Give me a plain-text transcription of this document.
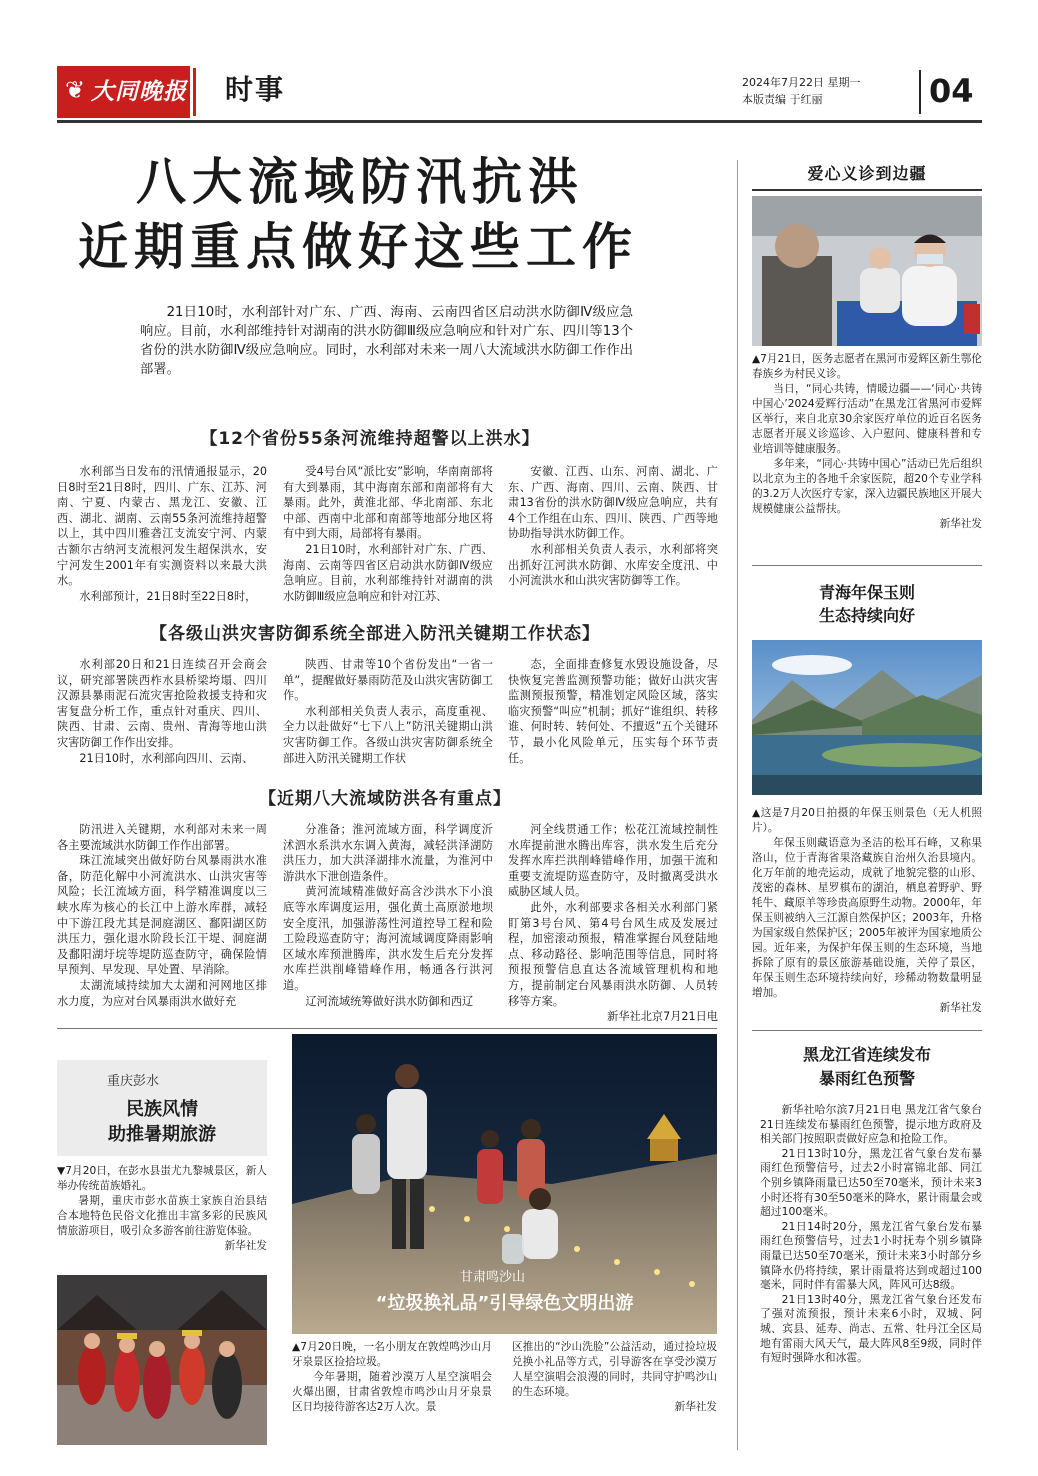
❦ 大同晚报 时事	2024年7月22日 星期一
本版责编 于红丽	04
八大流域防汛抗洪
近期重点做好这些工作
21日10时，水利部针对广东、广西、海南、云南四省区启动洪水防御Ⅳ级应急响应。目前，水利部维持针对湖南的洪水防御Ⅲ级应急响应和针对广东、四川等13个省份的洪水防御Ⅳ级应急响应。同时，水利部对未来一周八大流域洪水防御工作作出部署。
【12个省份55条河流维持超警以上洪水】

水利部当日发布的汛情通报显示，20日8时至21日8时，四川、广东、江苏、河南、宁夏、内蒙古、黑龙江、安徽、江西、湖北、湖南、云南55条河流维持超警以上，其中四川雅砻江支流安宁河、内蒙古额尔古纳河支流根河发生超保洪水，安宁河发生2001年有实测资料以来最大洪水。

水利部预计，21日8时至22日8时，

受4号台风“派比安”影响，华南南部将有大到暴雨，其中海南东部和南部将有大暴雨。此外，黄淮北部、华北南部、东北中部、西南中北部和南部等地部分地区将有中到大雨，局部将有暴雨。

21日10时，水利部针对广东、广西、海南、云南等四省区启动洪水防御Ⅳ级应急响应。目前，水利部维持针对湖南的洪水防御Ⅲ级应急响应和针对江苏、

安徽、江西、山东、河南、湖北、广东、广西、海南、四川、云南、陕西、甘肃13省份的洪水防御Ⅳ级应急响应，共有4个工作组在山东、四川、陕西、广西等地协助指导洪水防御工作。

水利部相关负责人表示，水利部将突出抓好江河洪水防御、水库安全度汛、中小河流洪水和山洪灾害防御等工作。

【各级山洪灾害防御系统全部进入防汛关键期工作状态】

水利部20日和21日连续召开会商会议，研究部署陕西柞水县桥梁垮塌、四川汉源县暴雨泥石流灾害抢险救援支持和灾害复盘分析工作，重点针对重庆、四川、陕西、甘肃、云南、贵州、青海等地山洪灾害防御工作作出安排。

21日10时，水利部向四川、云南、

陕西、甘肃等10个省份发出“一省一单”，提醒做好暴雨防范及山洪灾害防御工作。

水利部相关负责人表示，高度重视、全力以赴做好“七下八上”防汛关键期山洪灾害防御工作。各级山洪灾害防御系统全部进入防汛关键期工作状

态，全面排查修复水毁设施设备，尽快恢复完善监测预警功能；做好山洪灾害监测预报预警，精准划定风险区域，落实临灾预警“叫应”机制；抓好“谁组织、转移谁、何时转、转何处、不擅返”五个关键环节，最小化风险单元，压实每个环节责任。

【近期八大流域防洪各有重点】

防汛进入关键期，水利部对未来一周各主要流域洪水防御工作作出部署。

珠江流域突出做好防台风暴雨洪水准备，防范化解中小河流洪水、山洪灾害等风险；长江流域方面，科学精准调度以三峡水库为核心的长江中上游水库群，减轻中下游江段尤其是洞庭湖区、鄱阳湖区防洪压力，强化退水阶段长江干堤、洞庭湖及鄱阳湖圩垸等堤防巡查防守，确保险情早预判、早发现、早处置、早消除。

太湖流域持续加大太湖和河网地区排水力度，为应对台风暴雨洪水做好充

分准备；淮河流域方面，科学调度沂沭泗水系洪水东调入黄海，减轻洪泽湖防洪压力，加大洪泽湖排水流量，为淮河中游洪水下泄创造条件。

黄河流域精准做好高含沙洪水下小浪底等水库调度运用，强化黄土高原淤地坝安全度汛，加强游荡性河道控导工程和险工险段巡查防守；海河流域调度降雨影响区域水库预泄腾库，洪水发生后充分发挥水库拦洪削峰错峰作用，畅通各行洪河道。

辽河流域统筹做好洪水防御和西辽

河全线贯通工作；松花江流域控制性水库提前泄水腾出库容，洪水发生后充分发挥水库拦洪削峰错峰作用，加强干流和重要支流堤防巡查防守，及时撤离受洪水威胁区域人员。

此外，水利部要求各相关水利部门紧盯第3号台风、第4号台风生成及发展过程，加密滚动预报，精准掌握台风登陆地点、移动路径、影响范围等信息，同时将预报预警信息直达各流域管理机构和地方，提前制定台风暴雨洪水防御、人员转移等方案。

新华社北京7月21日电

重庆彭水
民族风情
助推暑期旅游

▼7月20日，在彭水县蚩尤九黎城景区，新人举办传统苗族婚礼。

暑期，重庆市彭水苗族土家族自治县结合本地特色民俗文化推出丰富多彩的民族风情旅游项目，吸引众多游客前往游览体验。

新华社发

甘肃鸣沙山
“垃圾换礼品”引导绿色文明出游

▲7月20日晚，一名小朋友在敦煌鸣沙山月牙泉景区捡拾垃圾。

今年暑期，随着沙漠万人星空演唱会火爆出圈，甘肃省敦煌市鸣沙山月牙泉景区日均接待游客达2万人次。景

区推出的“沙山洗脸”公益活动，通过捡垃圾兑换小礼品等方式，引导游客在享受沙漠万人星空演唱会浪漫的同时，共同守护鸣沙山的生态环境。

新华社发

爱心义诊到边疆

▲7月21日，医务志愿者在黑河市爱辉区新生鄂伦春族乡为村民义诊。

当日，“同心共铸，情暖边疆——‘同心·共铸中国心’2024爱辉行活动”在黑龙江省黑河市爱辉区举行，来自北京30余家医疗单位的近百名医务志愿者开展义诊巡诊、入户慰问、健康科普和专业培训等健康服务。

多年来，“同心·共铸中国心”活动已先后组织以北京为主的各地千余家医院，超20个专业学科的3.2万人次医疗专家，深入边疆民族地区开展大规模健康公益帮扶。

新华社发

青海年保玉则
生态持续向好

▲这是7月20日拍摄的年保玉则景色（无人机照片）。

年保玉则藏语意为圣洁的松耳石峰，又称果洛山，位于青海省果洛藏族自治州久治县境内。化万年前的地壳运动，成就了地貌完整的山形、茂密的森林、星罗棋布的湖泊，栖息着野驴、野牦牛、藏原羊等珍贵高原野生动物。2000年，年保玉则被纳入三江源自然保护区；2003年，升格为国家级自然保护区；2005年被评为国家地质公园。近年来，为保护年保玉则的生态环境，当地拆除了原有的景区旅游基础设施，关停了景区，年保玉则生态环境持续向好，珍稀动物数量明显增加。

新华社发

黑龙江省连续发布
暴雨红色预警

新华社哈尔滨7月21日电 黑龙江省气象台21日连续发布暴雨红色预警，提示地方政府及相关部门按照职责做好应急和抢险工作。

21日13时10分，黑龙江省气象台发布暴雨红色预警信号，过去2小时富锦北部、同江个别乡镇降雨量已达50至70毫米，预计未来3小时还将有30至50毫米的降水，累计雨量会或超过100毫米。

21日14时20分，黑龙江省气象台发布暴雨红色预警信号，过去1小时抚寿个别乡镇降雨量已达50至70毫米，预计未来3小时部分乡镇降水仍将持续，累计雨量将达到或超过100毫米，同时伴有雷暴大风，阵风可达8级。

21日13时40分，黑龙江省气象台还发布了强对流预报，预计未来6小时，双城、阿城、宾县、延寿、尚志、五常、牡丹江全区局地有雷雨大风天气，最大阵风8至9级，同时伴有短时强降水和冰雹。
